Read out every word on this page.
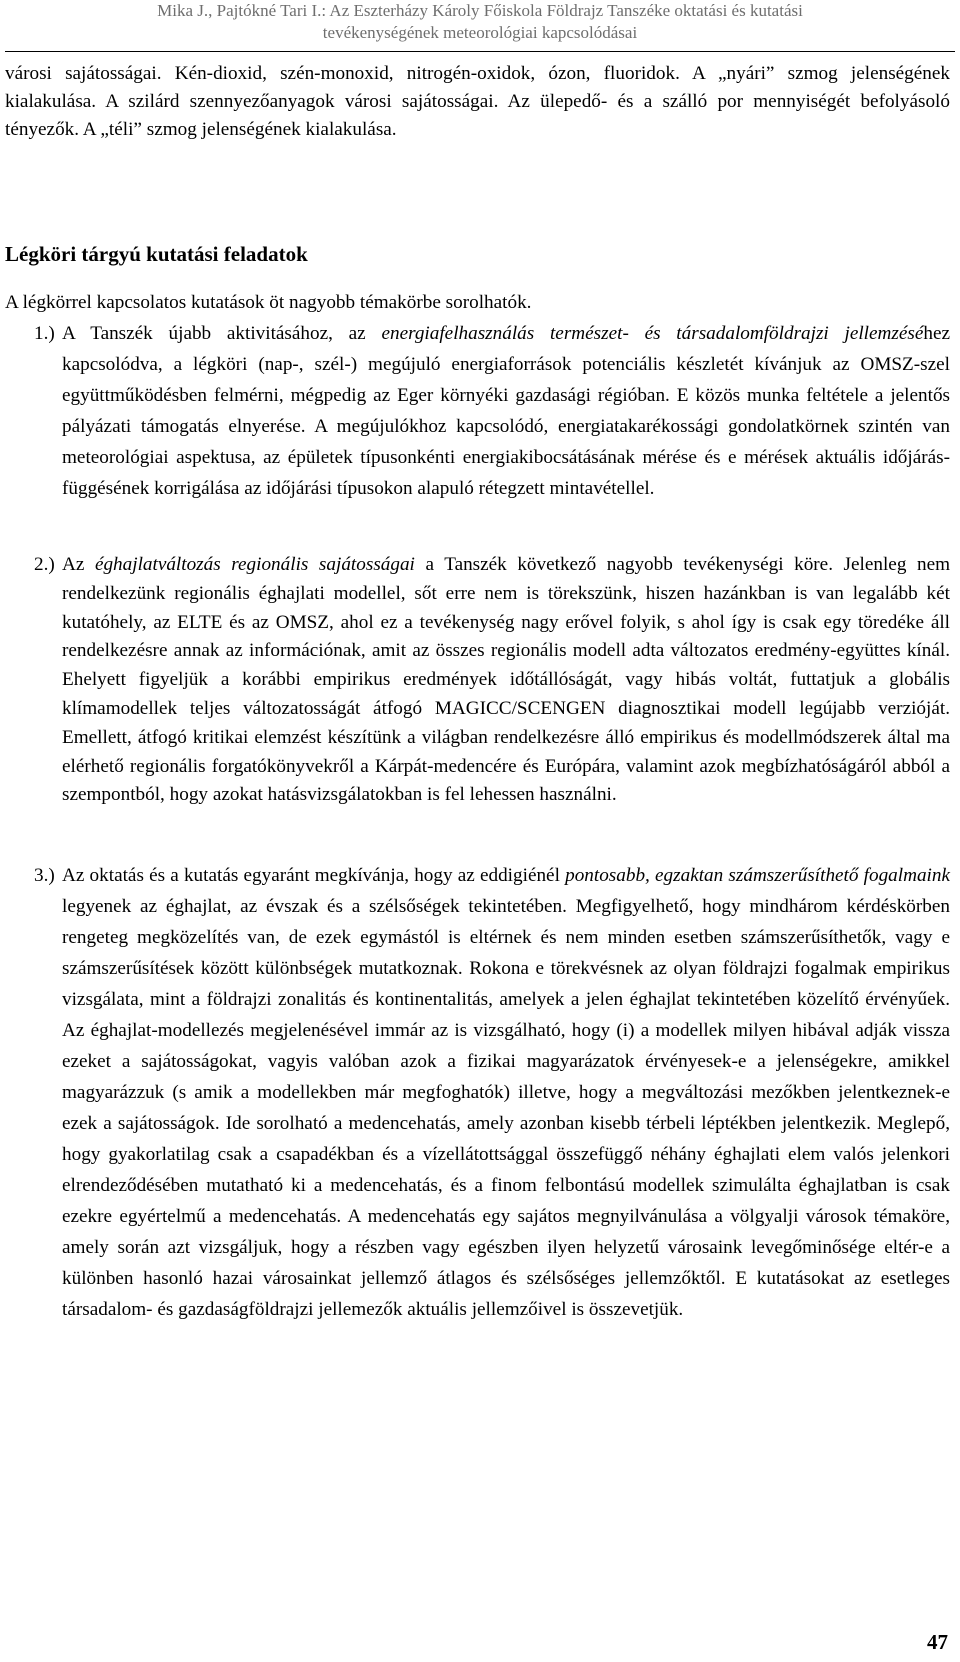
Mika J., Pajtókné Tari I.: Az Eszterházy Károly Főiskola Földrajz Tanszéke oktatási és kutatási
tevékenységének meteorológiai kapcsolódásai
városi sajátosságai. Kén-dioxid, szén-monoxid, nitrogén-oxidok, ózon, fluoridok. A „nyári” szmog jelenségének kialakulása. A szilárd szennyezőanyagok városi sajátosságai. Az ülepedő- és a szálló por mennyiségét befolyásoló tényezők. A „téli” szmog jelenségének kialakulása.
Légköri tárgyú kutatási feladatok
A légkörrel kapcsolatos kutatások öt nagyobb témakörbe sorolhatók.
1.) A Tanszék újabb aktivitásához, az energiafelhasználás természet- és társadalomföldrajzi jellemzéséhez kapcsolódva, a légköri (nap-, szél-) megújuló energiaforrások potenciális készletét kívánjuk az OMSZ-szel együttműködésben felmérni, mégpedig az Eger környéki gazdasági régióban. E közös munka feltétele a jelentős pályázati támogatás elnyerése. A megújulókhoz kapcsolódó, energiatakarékossági gondolatkörnek szintén van meteorológiai aspektusa, az épületek típusonkénti energiakibocsátásának mérése és e mérések aktuális időjárás-függésének korrigálása az időjárási típusokon alapuló rétegzett mintavétellel.
2.) Az éghajlatváltozás regionális sajátosságai a Tanszék következő nagyobb tevékenységi köre. Jelenleg nem rendelkezünk regionális éghajlati modellel, sőt erre nem is törekszünk, hiszen hazánkban is van legalább két kutatóhely, az ELTE és az OMSZ, ahol ez a tevékenység nagy erővel folyik, s ahol így is csak egy töredéke áll rendelkezésre annak az információnak, amit az összes regionális modell adta változatos eredmény-együttes kínál. Ehelyett figyeljük a korábbi empirikus eredmények időtállóságát, vagy hibás voltát, futtatjuk a globális klímamodellek teljes változatosságát átfogó MAGICC/SCENGEN diagnosztikai modell legújabb verzióját. Emellett, átfogó kritikai elemzést készítünk a világban rendelkezésre álló empirikus és modellmódszerek által ma elérhető regionális forgatókönyvekről a Kárpát-medencére és Európára, valamint azok megbízhatóságáról abból a szempontból, hogy azokat hatásvizsgálatokban is fel lehessen használni.
3.) Az oktatás és a kutatás egyaránt megkívánja, hogy az eddigiénél pontosabb, egzaktan számszerűsíthető fogalmaink legyenek az éghajlat, az évszak és a szélsőségek tekintetében. Megfigyelhető, hogy mindhárom kérdéskörben rengeteg megközelítés van, de ezek egymástól is eltérnek és nem minden esetben számszerűsíthetők, vagy e számszerűsítések között különbségek mutatkoznak. Rokona e törekvésnek az olyan földrajzi fogalmak empirikus vizsgálata, mint a földrajzi zonalitás és kontinentalitás, amelyek a jelen éghajlat tekintetében közelítő érvényűek. Az éghajlat-modellezés megjelenésével immár az is vizsgálható, hogy (i) a modellek milyen hibával adják vissza ezeket a sajátosságokat, vagyis valóban azok a fizikai magyarázatok érvényesek-e a jelenségekre, amikkel magyarázzuk (s amik a modellekben már megfoghatók) illetve, hogy a megváltozási mezőkben jelentkeznek-e ezek a sajátosságok. Ide sorolható a medencehatás, amely azonban kisebb térbeli léptékben jelentkezik. Meglepő, hogy gyakorlatilag csak a csapadékban és a vízellátottsággal összefüggő néhány éghajlati elem valós jelenkori elrendeződésében mutatható ki a medencehatás, és a finom felbontású modellek szimulálta éghajlatban is csak ezekre egyértelmű a medencehatás. A medencehatás egy sajátos megnyilvánulása a völgyalji városok témaköre, amely során azt vizsgáljuk, hogy a részben vagy egészben ilyen helyzetű városaink levegőminősége eltér-e a különben hasonló hazai városainkat jellemző átlagos és szélsőséges jellemzőktől. E kutatásokat az esetleges társadalom- és gazdaságföldrajzi jellemezők aktuális jellemzőivel is összevetjük.
47
